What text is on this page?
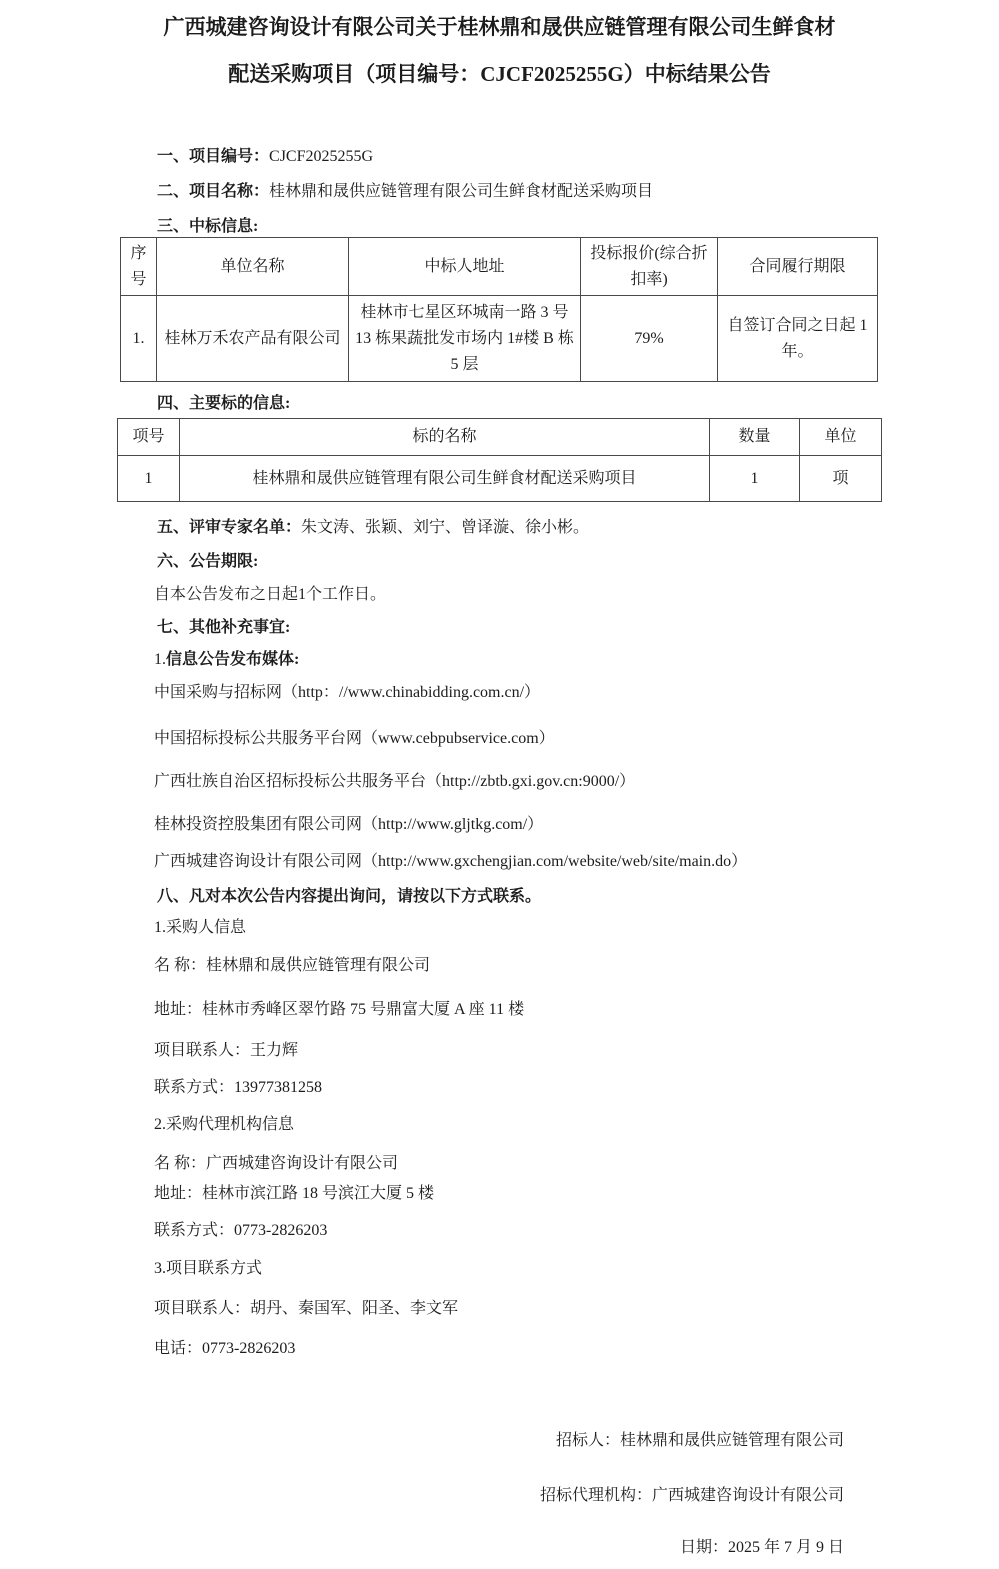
广西城建咨询设计有限公司关于桂林鼎和晟供应链管理有限公司生鲜食材
配送采购项目（项目编号：CJCF2025255G）中标结果公告

一、项目编号：CJCF2025255G

二、项目名称：桂林鼎和晟供应链管理有限公司生鲜食材配送采购项目

三、中标信息:

序号	单位名称	中标人地址	投标报价(综合折扣率)	合同履行期限
1.	桂林万禾农产品有限公司	桂林市七星区环城南一路 3 号 13 栋果蔬批发市场内 1#楼 B 栋 5 层	79%	自签订合同之日起 1 年。

四、主要标的信息:

项号	标的名称	数量	单位
1	桂林鼎和晟供应链管理有限公司生鲜食材配送采购项目	1	项

五、评审专家名单：朱文涛、张颖、刘宁、曾译漩、徐小彬。

六、公告期限:

自本公告发布之日起1个工作日。

七、其他补充事宜:

1.信息公告发布媒体:

中国采购与招标网（http：//www.chinabidding.com.cn/）

中国招标投标公共服务平台网（www.cebpubservice.com）

广西壮族自治区招标投标公共服务平台（http://zbtb.gxi.gov.cn:9000/）

桂林投资控股集团有限公司网（http://www.gljtkg.com/）

广西城建咨询设计有限公司网（http://www.gxchengjian.com/website/web/site/main.do）

八、凡对本次公告内容提出询问，请按以下方式联系。

1.采购人信息

名 称：桂林鼎和晟供应链管理有限公司

地址：桂林市秀峰区翠竹路 75 号鼎富大厦 A 座 11 楼

项目联系人：王力辉

联系方式：13977381258

2.采购代理机构信息

名 称：广西城建咨询设计有限公司

地址：桂林市滨江路 18 号滨江大厦 5 楼

联系方式：0773-2826203

3.项目联系方式

项目联系人：胡丹、秦国军、阳圣、李文军

电话：0773-2826203

招标人：桂林鼎和晟供应链管理有限公司

招标代理机构：广西城建咨询设计有限公司

日期：2025 年 7 月 9 日
